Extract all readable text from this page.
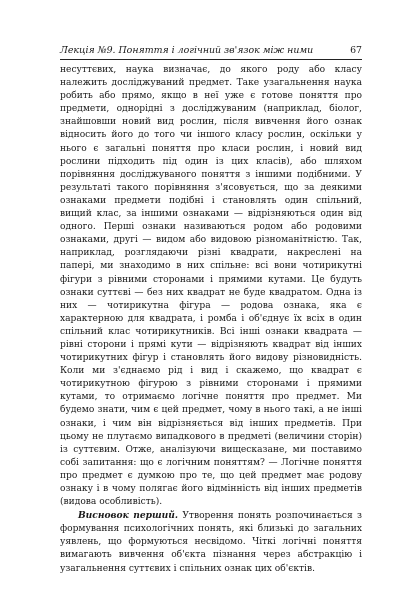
Лекція №9. Поняття і логічний зв'язок між ними	67

несуттєвих, наука визначає, до якого роду або класу належить досліджуваний предмет. Таке узагальнення наука робить або прямо, якщо в неї уже є готове поняття про предмети, однорідні з досліджуваним (наприклад, біолог, знайшовши новий вид рослин, після вивчення його ознак відносить його до того чи іншого класу рослин, оскільки у нього є загальні поняття про класи рослин, і новий вид рослини підходить під один із цих класів), або шляхом порівняння досліджуваного поняття з іншими подібними. У результаті такого порівняння з'ясовується, що за деякими ознаками предмети подібні і становлять один спільний, вищий клас, за іншими ознаками — відрізняються один від одного. Перші ознаки називаються родом або родовими ознаками, другі — видом або видовою різноманітністю. Так, наприклад, розглядаючи різні квадрати, накреслені на папері, ми знаходимо в них спільне: всі вони чотирикутні фігури з рівними сторонами і прямими кутами. Це будуть ознаки суттєві — без них квадрат не буде квадратом. Одна із них — чотирикутна фігура — родова ознака, яка є характерною для квадрата, і ромба і об'єднує їх всіх в один спільний клас чотирикутників. Всі інші ознаки квадрата — рівні сторони і прямі кути — відрізняють квадрат від інших чотирикутних фігур і становлять його видову різновидність. Коли ми з'єднаємо рід і вид і скажемо, що квадрат є чотирикутною фігурою з рівними сторонами і прямими кутами, то отримаємо логічне поняття про предмет. Ми будемо знати, чим є цей предмет, чому в нього такі, а не інші ознаки, і чим він відрізняється від інших предметів. При цьому не плутаємо випадкового в предметі (величини сторін) із суттєвим. Отже, аналізуючи вищесказане, ми поставимо собі запитання: що є логічним поняттям? — Логічне поняття про предмет є думкою про те, що цей предмет має родову ознаку і в чому полягає його відмінність від інших предметів (видова особливість).

Висновок перший. Утворення понять розпочинається з формування психологічних понять, які близькі до загальних уявлень, що формуються несвідомо. Чіткі логічні поняття вимагають вивчення об'єкта пізнання через абстракцію і узагальнення суттєвих і спільних ознак цих об'єктів.
